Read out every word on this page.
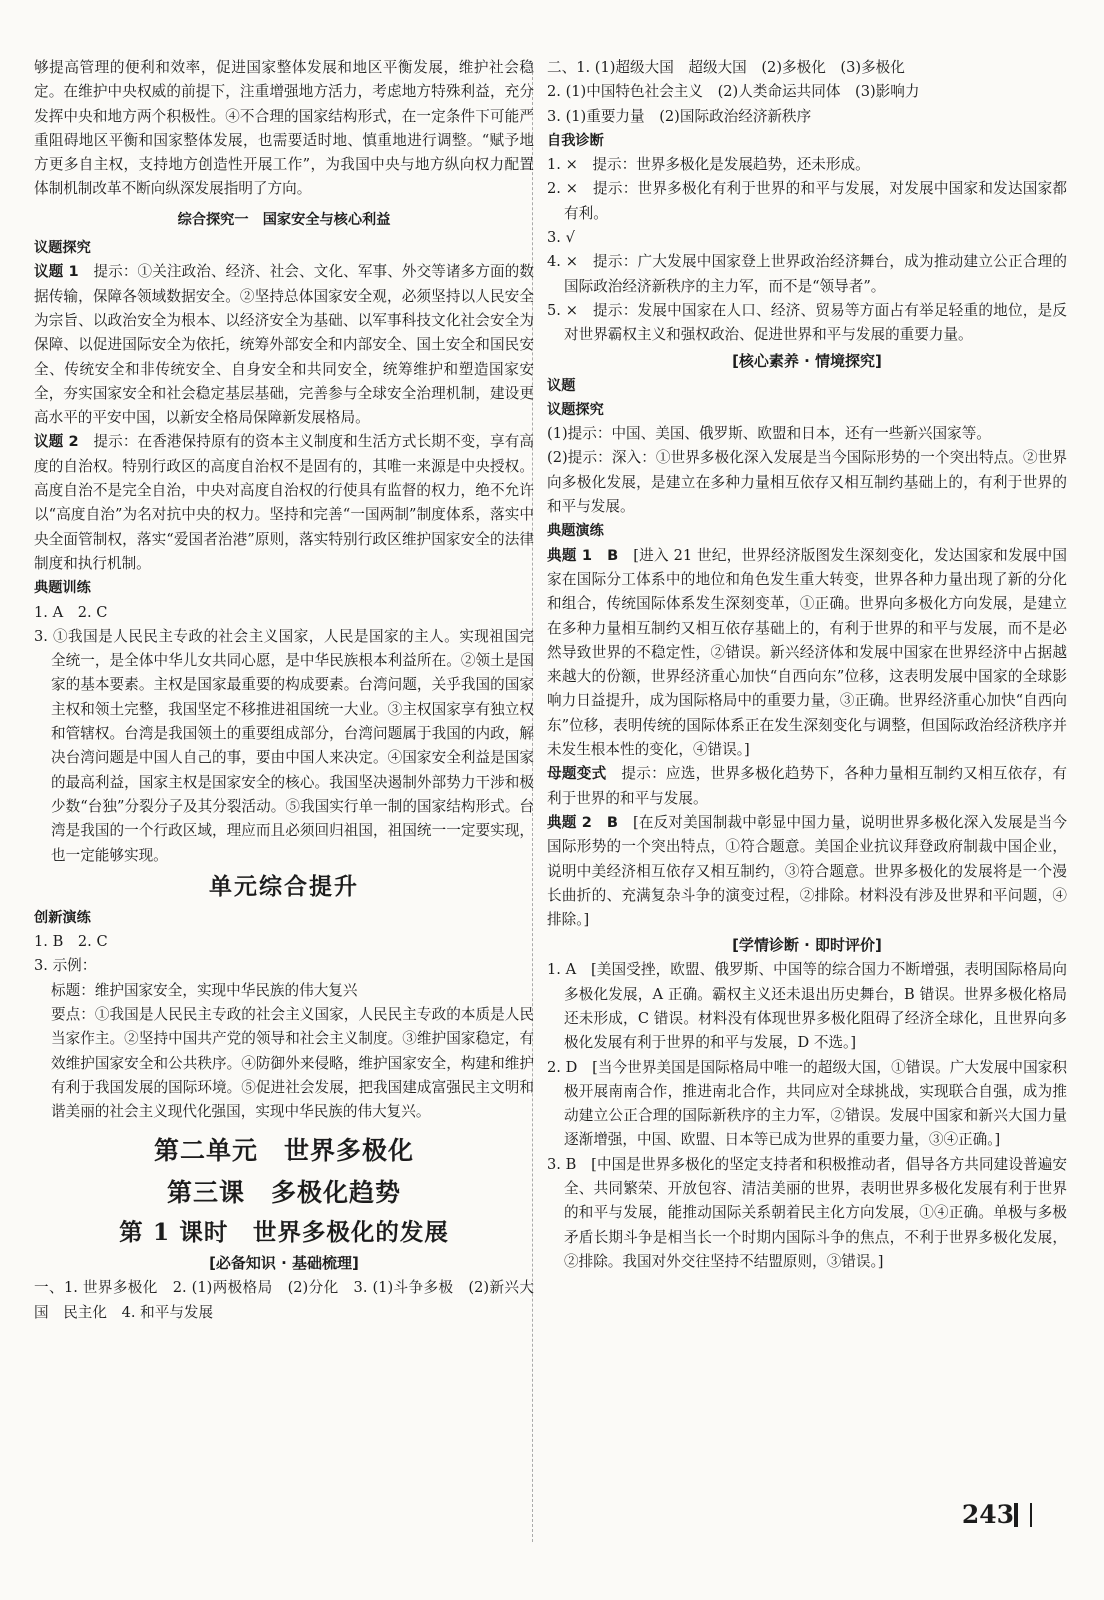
够提高管理的便利和效率，促进国家整体发展和地区平衡发展，维护社会稳定。在维护中央权威的前提下，注重增强地方活力，考虑地方特殊利益，充分发挥中央和地方两个积极性。④不合理的国家结构形式，在一定条件下可能严重阻碍地区平衡和国家整体发展，也需要适时地、慎重地进行调整。“赋予地方更多自主权，支持地方创造性开展工作”，为我国中央与地方纵向权力配置体制机制改革不断向纵深发展指明了方向。

综合探究一　国家安全与核心利益
议题探究

议题 1　 提示：①关注政治、经济、社会、文化、军事、外交等诸多方面的数据传输，保障各领域数据安全。②坚持总体国家安全观，必须坚持以人民安全为宗旨、以政治安全为根本、以经济安全为基础、以军事科技文化社会安全为保障、以促进国际安全为依托，统筹外部安全和内部安全、国土安全和国民安全、传统安全和非传统安全、自身安全和共同安全，统筹维护和塑造国家安全，夯实国家安全和社会稳定基层基础，完善参与全球安全治理机制，建设更高水平的平安中国，以新安全格局保障新发展格局。

议题 2　 提示：在香港保持原有的资本主义制度和生活方式长期不变，享有高度的自治权。特别行政区的高度自治权不是固有的，其唯一来源是中央授权。高度自治不是完全自治，中央对高度自治权的行使具有监督的权力，绝不允许以“高度自治”为名对抗中央的权力。坚持和完善“一国两制”制度体系，落实中央全面管制权，落实“爱国者治港”原则，落实特别行政区维护国家安全的法律制度和执行机制。

典题训练

1. A　2. C

3. ①我国是人民民主专政的社会主义国家，人民是国家的主人。实现祖国完全统一，是全体中华儿女共同心愿，是中华民族根本利益所在。②领土是国家的基本要素。主权是国家最重要的构成要素。台湾问题，关乎我国的国家主权和领土完整，我国坚定不移推进祖国统一大业。③主权国家享有独立权和管辖权。台湾是我国领土的重要组成部分，台湾问题属于我国的内政，解决台湾问题是中国人自己的事，要由中国人来决定。④国家安全利益是国家的最高利益，国家主权是国家安全的核心。我国坚决遏制外部势力干涉和极少数“台独”分裂分子及其分裂活动。⑤我国实行单一制的国家结构形式。台湾是我国的一个行政区域，理应而且必须回归祖国，祖国统一一定要实现，也一定能够实现。

单元综合提升
创新演练

1. B　2. C

3. 示例：

标题：维护国家安全，实现中华民族的伟大复兴

要点：①我国是人民民主专政的社会主义国家，人民民主专政的本质是人民当家作主。②坚持中国共产党的领导和社会主义制度。③维护国家稳定，有效维护国家安全和公共秩序。④防御外来侵略，维护国家安全，构建和维护有利于我国发展的国际环境。⑤促进社会发展，把我国建成富强民主文明和谐美丽的社会主义现代化强国，实现中华民族的伟大复兴。

第二单元　世界多极化
第三课　多极化趋势
第 1 课时　世界多极化的发展
[必备知识 · 基础梳理]

一、1. 世界多极化　2. (1)两极格局　(2)分化　3. (1)斗争多极　(2)新兴大国　民主化　4. 和平与发展

二、1. (1)超级大国　超级大国　(2)多极化　(3)多极化

2. (1)中国特色社会主义　(2)人类命运共同体　(3)影响力

3. (1)重要力量　(2)国际政治经济新秩序

自我诊断

1. ×　提示：世界多极化是发展趋势，还未形成。

2. ×　提示：世界多极化有利于世界的和平与发展，对发展中国家和发达国家都有利。

3. √

4. ×　提示：广大发展中国家登上世界政治经济舞台，成为推动建立公正合理的国际政治经济新秩序的主力军，而不是“领导者”。

5. ×　提示：发展中国家在人口、经济、贸易等方面占有举足轻重的地位，是反对世界霸权主义和强权政治、促进世界和平与发展的重要力量。

[核心素养 · 情境探究]
议题
议题探究

(1)提示：中国、美国、俄罗斯、欧盟和日本，还有一些新兴国家等。

(2)提示：深入：①世界多极化深入发展是当今国际形势的一个突出特点。②世界向多极化发展，是建立在多种力量相互依存又相互制约基础上的，有利于世界的和平与发展。

典题演练

典题 1　B　 [进入 21 世纪，世界经济版图发生深刻变化，发达国家和发展中国家在国际分工体系中的地位和角色发生重大转变，世界各种力量出现了新的分化和组合，传统国际体系发生深刻变革，①正确。世界向多极化方向发展，是建立在多种力量相互制约又相互依存基础上的，有利于世界的和平与发展，而不是必然导致世界的不稳定性，②错误。新兴经济体和发展中国家在世界经济中占据越来越大的份额，世界经济重心加快“自西向东”位移，这表明发展中国家的全球影响力日益提升，成为国际格局中的重要力量，③正确。世界经济重心加快“自西向东”位移，表明传统的国际体系正在发生深刻变化与调整，但国际政治经济秩序并未发生根本性的变化，④错误。]

母题变式　 提示：应选，世界多极化趋势下，各种力量相互制约又相互依存，有利于世界的和平与发展。

典题 2　B　 [在反对美国制裁中彰显中国力量，说明世界多极化深入发展是当今国际形势的一个突出特点，①符合题意。美国企业抗议拜登政府制裁中国企业，说明中美经济相互依存又相互制约，③符合题意。世界多极化的发展将是一个漫长曲折的、充满复杂斗争的演变过程，②排除。材料没有涉及世界和平问题，④排除。]

[学情诊断 · 即时评价]

1. A　[美国受挫，欧盟、俄罗斯、中国等的综合国力不断增强，表明国际格局向多极化发展，A 正确。霸权主义还未退出历史舞台，B 错误。世界多极化格局还未形成，C 错误。材料没有体现世界多极化阻碍了经济全球化，且世界向多极化发展有利于世界的和平与发展，D 不选。]

2. D　[当今世界美国是国际格局中唯一的超级大国，①错误。广大发展中国家积极开展南南合作，推进南北合作，共同应对全球挑战，实现联合自强，成为推动建立公正合理的国际新秩序的主力军，②错误。发展中国家和新兴大国力量逐渐增强，中国、欧盟、日本等已成为世界的重要力量，③④正确。]

3. B　[中国是世界多极化的坚定支持者和积极推动者，倡导各方共同建设普遍安全、共同繁荣、开放包容、清洁美丽的世界，表明世界多极化发展有利于世界的和平与发展，能推动国际关系朝着民主化方向发展，①④正确。单极与多极矛盾长期斗争是相当长一个时期内国际斗争的焦点，不利于世界多极化发展，②排除。我国对外交往坚持不结盟原则，③错误。]

243
